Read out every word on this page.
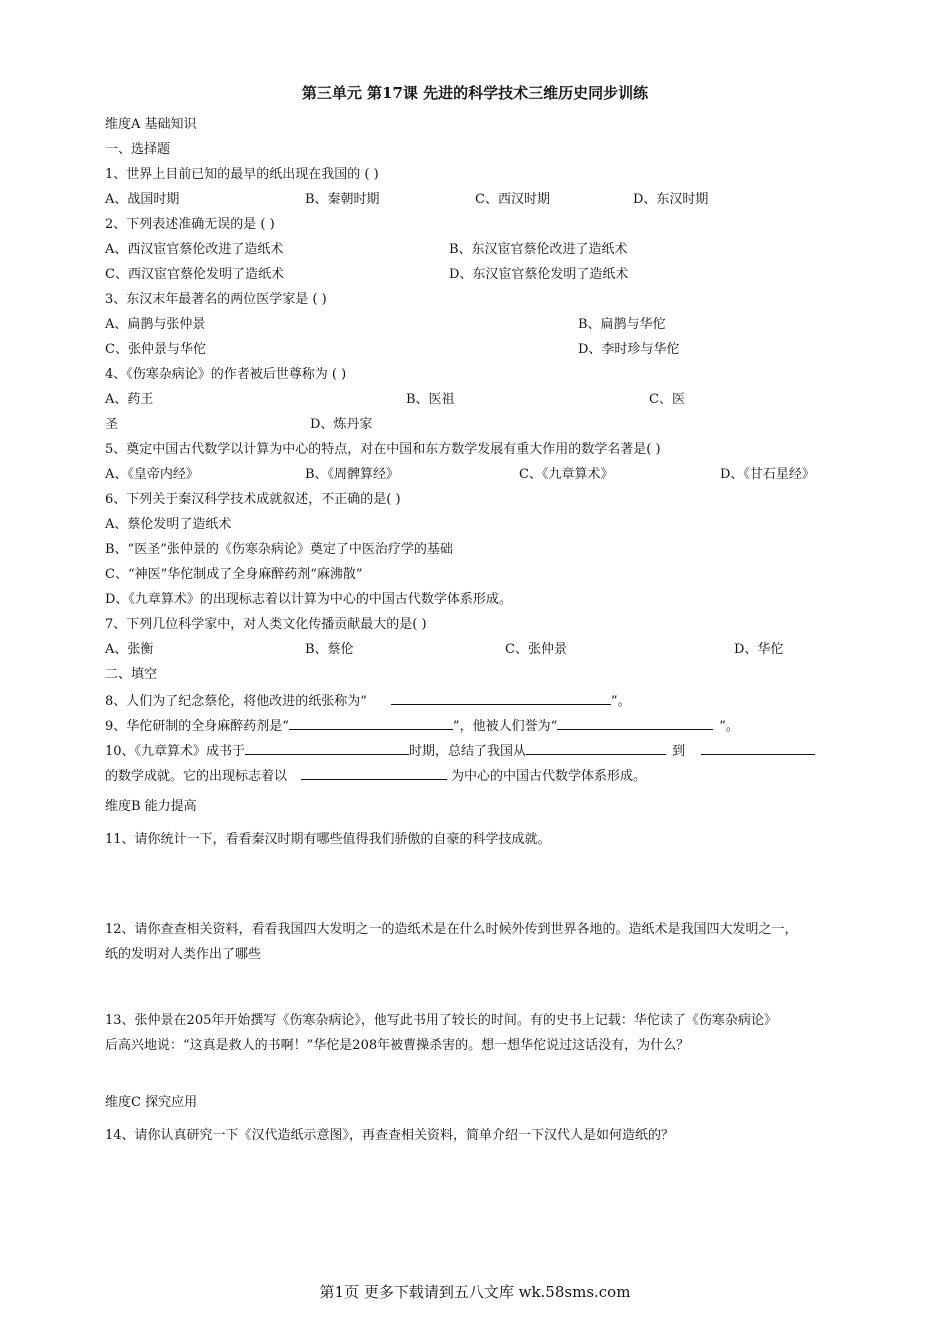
第三单元 第17课 先进的科学技术三维历史同步训练
维度A 基础知识
一、选择题
1、世界上目前已知的最早的纸出现在我国的 ( )
A、战国时期	B、秦朝时期	C、西汉时期	D、东汉时期
2、下列表述准确无误的是 ( )
A、西汉宦官蔡伦改进了造纸术	B、东汉宦官蔡伦改进了造纸术
C、西汉宦官蔡伦发明了造纸术	D、东汉宦官蔡伦发明了造纸术
3、东汉末年最著名的两位医学家是 ( )
A、扁鹊与张仲景	B、扁鹊与华佗
C、张仲景与华佗	D、李时珍与华佗
4、《伤寒杂病论》的作者被后世尊称为 ( )
A、药王	B、医祖	C、医
圣	D、炼丹家
5、奠定中国古代数学以计算为中心的特点，对在中国和东方数学发展有重大作用的数学名著是( )
A、《皇帝内经》	B、《周髀算经》	C、《九章算术》	D、《甘石星经》
6、下列关于秦汉科学技术成就叙述，不正确的是( )
A、蔡伦发明了造纸术
B、“医圣”张仲景的《伤寒杂病论》奠定了中医治疗学的基础
C、“神医”华佗制成了全身麻醉药剂“麻沸散”
D、《九章算术》的出现标志着以计算为中心的中国古代数学体系形成。
7、下列几位科学家中，对人类文化传播贡献最大的是( )
A、张衡	B、蔡伦	C、张仲景	D、华佗
二、填空
8、人们为了纪念蔡伦，将他改进的纸张称为“	”。
9、华佗研制的全身麻醉药剂是“	”，他被人们誉为“	”。
10、《九章算术》成书于	时期，总结了我国从	到
的数学成就。它的出现标志着以	为中心的中国古代数学体系形成。
维度B 能力提高
11、请你统计一下，看看秦汉时期有哪些值得我们骄傲的自豪的科学技成就。
12、请你查查相关资料，看看我国四大发明之一的造纸术是在什么时候外传到世界各地的。造纸术是我国四大发明之一，
纸的发明对人类作出了哪些
13、张仲景在205年开始撰写《伤寒杂病论》，他写此书用了较长的时间。有的史书上记载：华佗读了《伤寒杂病论》
后高兴地说：“这真是救人的书啊！”华佗是208年被曹操杀害的。想一想华佗说过这话没有，为什么？
维度C 探究应用
14、请你认真研究一下《汉代造纸示意图》，再查查相关资料，简单介绍一下汉代人是如何造纸的？
第1页 更多下载请到五八文库 wk.58sms.com
